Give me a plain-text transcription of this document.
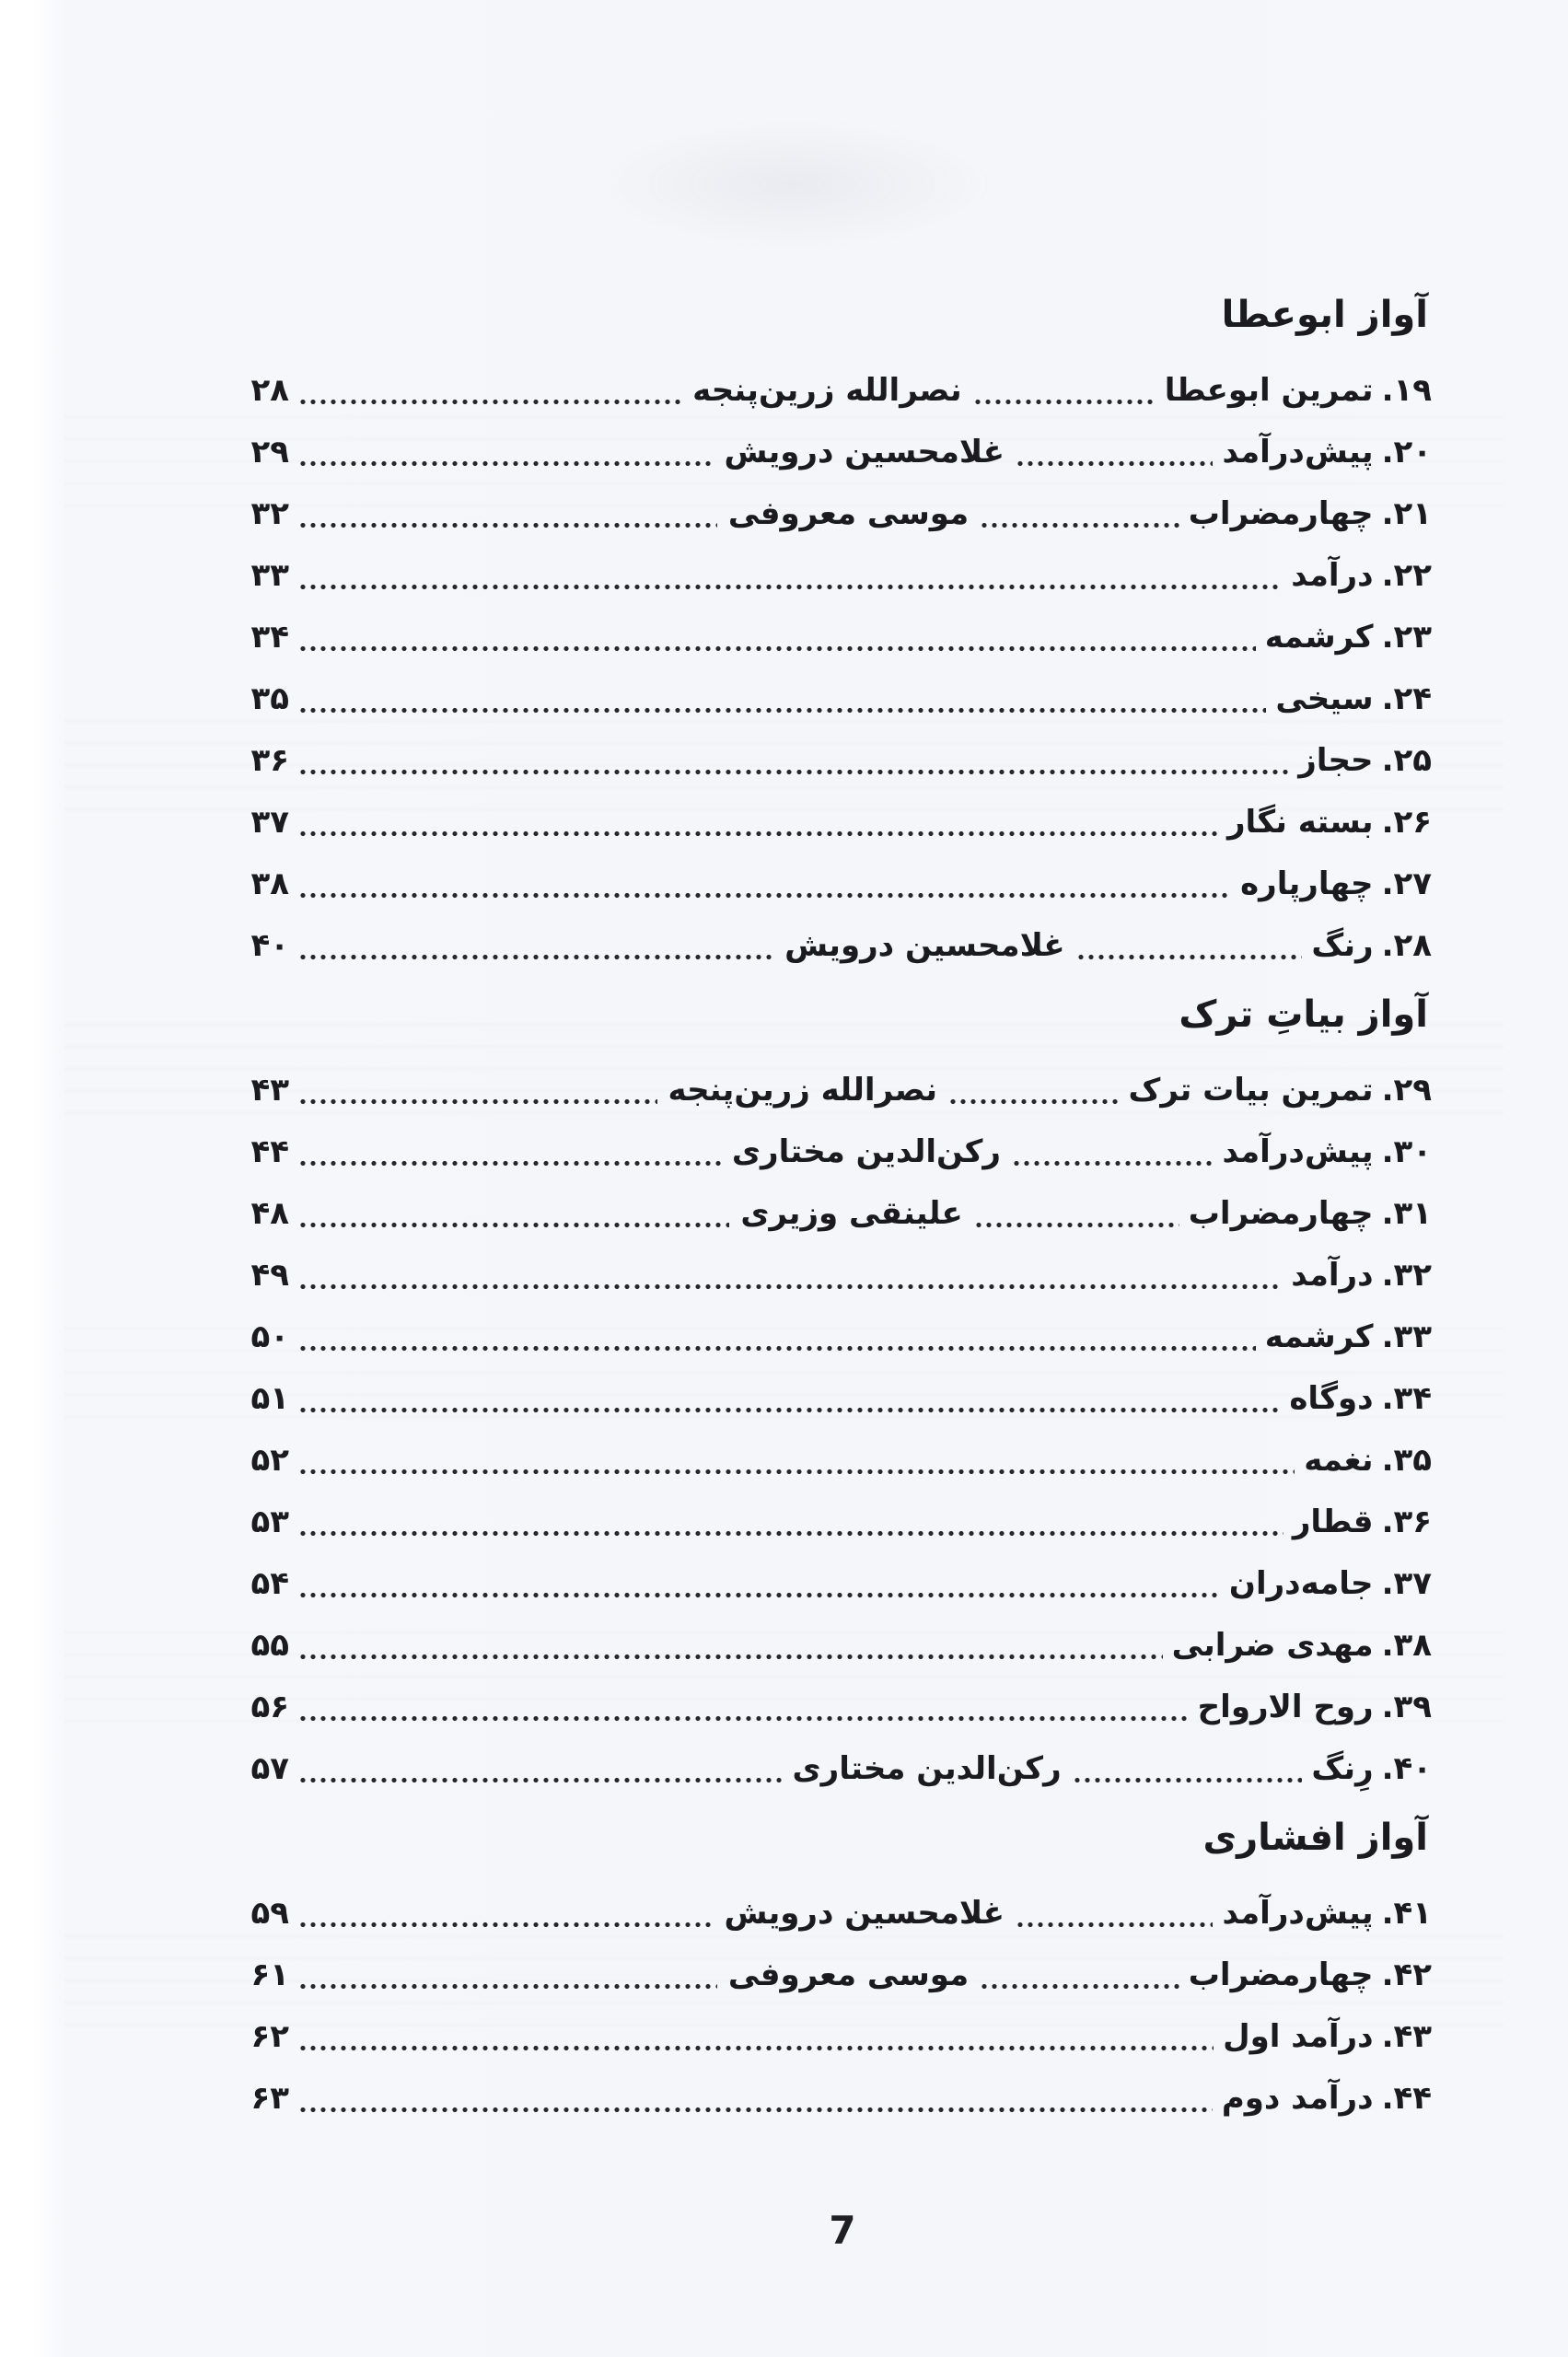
آواز ابوعطا
۱۹.
تمرین ابوعطا
نصرالله زرین‌پنجه
۲۸
۲۰.
پیش‌درآمد
غلامحسین درویش
۲۹
۲۱.
چهارمضراب
موسی معروفی
۳۲
۲۲.
درآمد
۳۳
۲۳.
کرشمه
۳۴
۲۴.
سیخی
۳۵
۲۵.
حجاز
۳۶
۲۶.
بسته نگار
۳۷
۲۷.
چهارپاره
۳۸
۲۸.
رنگ
غلامحسین درویش
۴۰
آواز بیاتِ ترک
۲۹.
تمرین بیات ترک
نصرالله زرین‌پنجه
۴۳
۳۰.
پیش‌درآمد
رکن‌الدین مختاری
۴۴
۳۱.
چهارمضراب
علینقی وزیری
۴۸
۳۲.
درآمد
۴۹
۳۳.
کرشمه
۵۰
۳۴.
دوگاه
۵۱
۳۵.
نغمه
۵۲
۳۶.
قطار
۵۳
۳۷.
جامه‌دران
۵۴
۳۸.
مهدی ضرابی
۵۵
۳۹.
روح الارواح
۵۶
۴۰.
رِنگ
رکن‌الدین مختاری
۵۷
آواز افشاری
۴۱.
پیش‌درآمد
غلامحسین درویش
۵۹
۴۲.
چهارمضراب
موسی معروفی
۶۱
۴۳.
درآمد اول
۶۲
۴۴.
درآمد دوم
۶۳
7
